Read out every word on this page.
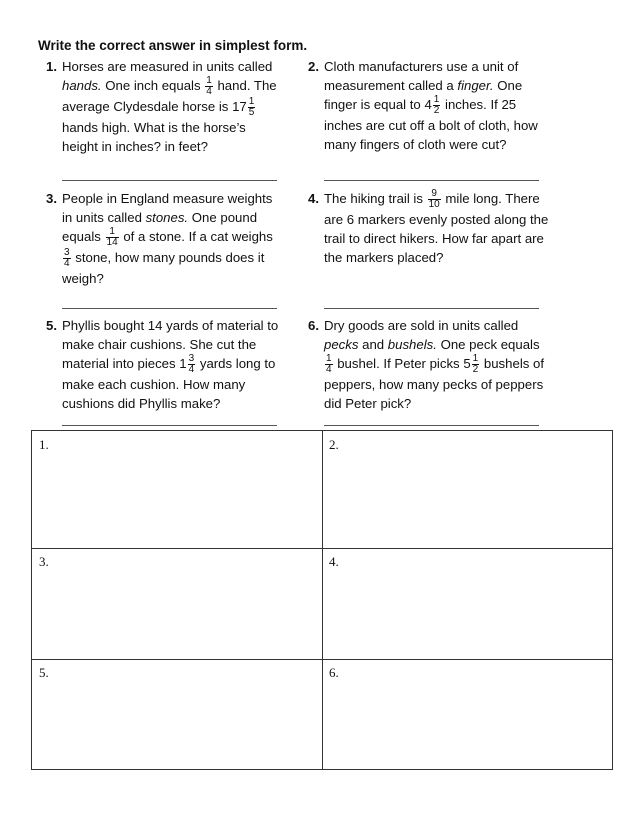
Write the correct answer in simplest form.
1. Horses are measured in units called hands. One inch equals $\frac{1}{4}$ hand. The average Clydesdale horse is $17 \frac{1}{5}$
hands high. What is the horse’s height in inches? in feet?
2. Cloth manufacturers use a unit of measurement called a finger. One finger is equal to $4 \frac{1}{2}$ inches. If 25 inches are cut off a bolt of cloth, how many fingers of cloth were cut?
3. People in England measure weights in units called stones. One pound equals $\frac{1}{14}$ of a stone. If a cat weighs
$\frac{3}{4}$ stone, how many pounds does it weigh?
4. The hiking trail is $\frac{9}{10}$ mile long. There are 6 markers evenly posted along the trail to direct hikers. How far apart are the markers placed?
5. Phyllis bought 14 yards of material to make chair cushions. She cut the material into pieces $1 \frac{3}{4}$ yards long to make each cushion. How many cushions did Phyllis make?
6. Dry goods are sold in units called pecks and bushels. One peck equals
$\frac{1}{4}$ bushel. If Peter picks $5 \frac{1}{2}$ bushels of peppers, how many pecks of peppers did Peter pick?
1.	2.
3.	4.
5.	6.
